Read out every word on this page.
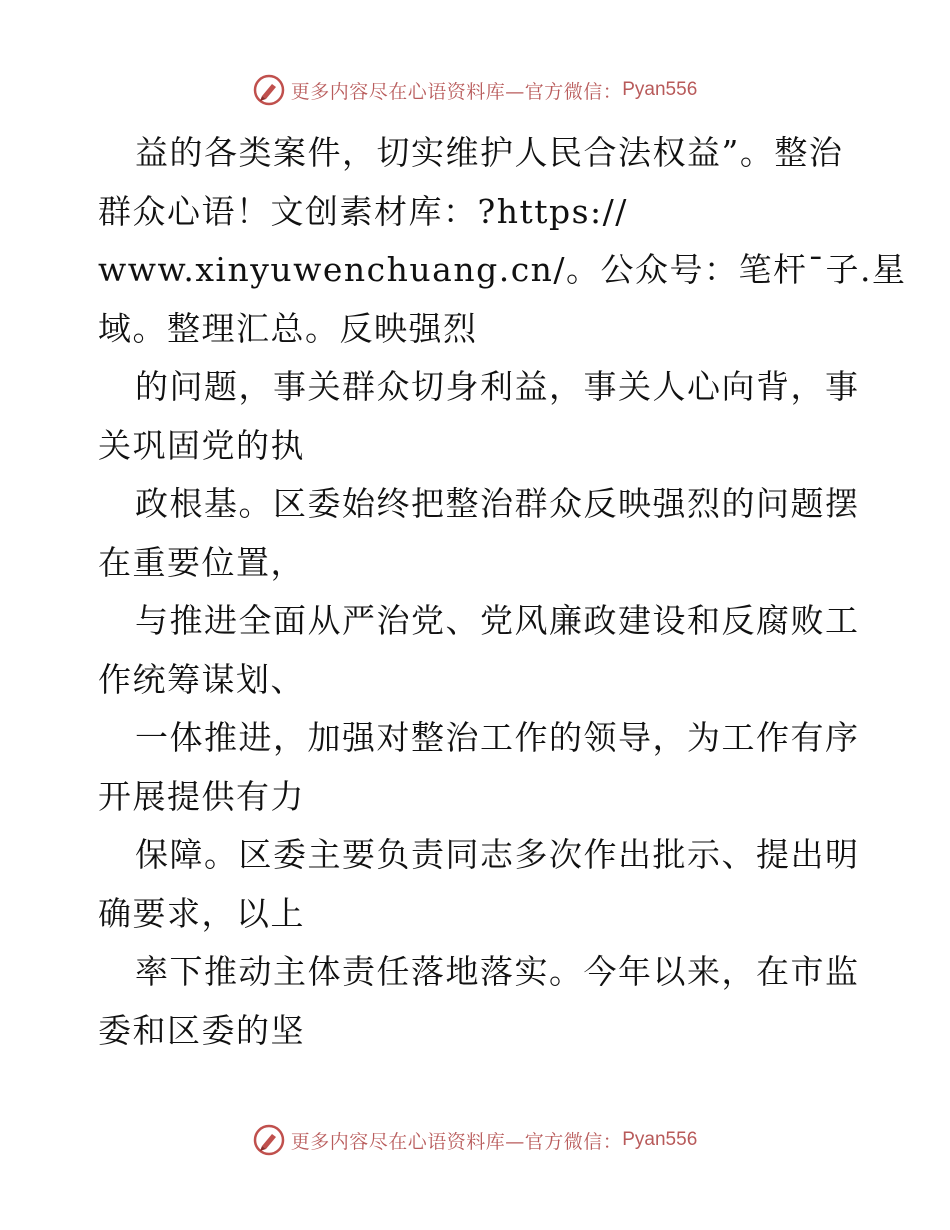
更多内容尽在心语资料库—官方微信： Pyan556
益的各类案件，切实维护人民合法权益”。整治
群众心语！文创素材库：?https://
www.xinyuwenchuang.cn/。公众号：笔杆¯子.星
域。整理汇总。反映强烈
的问题，事关群众切身利益，事关人心向背，事
关巩固党的执
政根基。区委始终把整治群众反映强烈的问题摆
在重要位置，
与推进全面从严治党、党风廉政建设和反腐败工
作统筹谋划、
一体推进，加强对整治工作的领导，为工作有序
开展提供有力
保障。区委主要负责同志多次作出批示、提出明
确要求，以上
率下推动主体责任落地落实。今年以来，在市监
委和区委的坚
更多内容尽在心语资料库—官方微信： Pyan556
